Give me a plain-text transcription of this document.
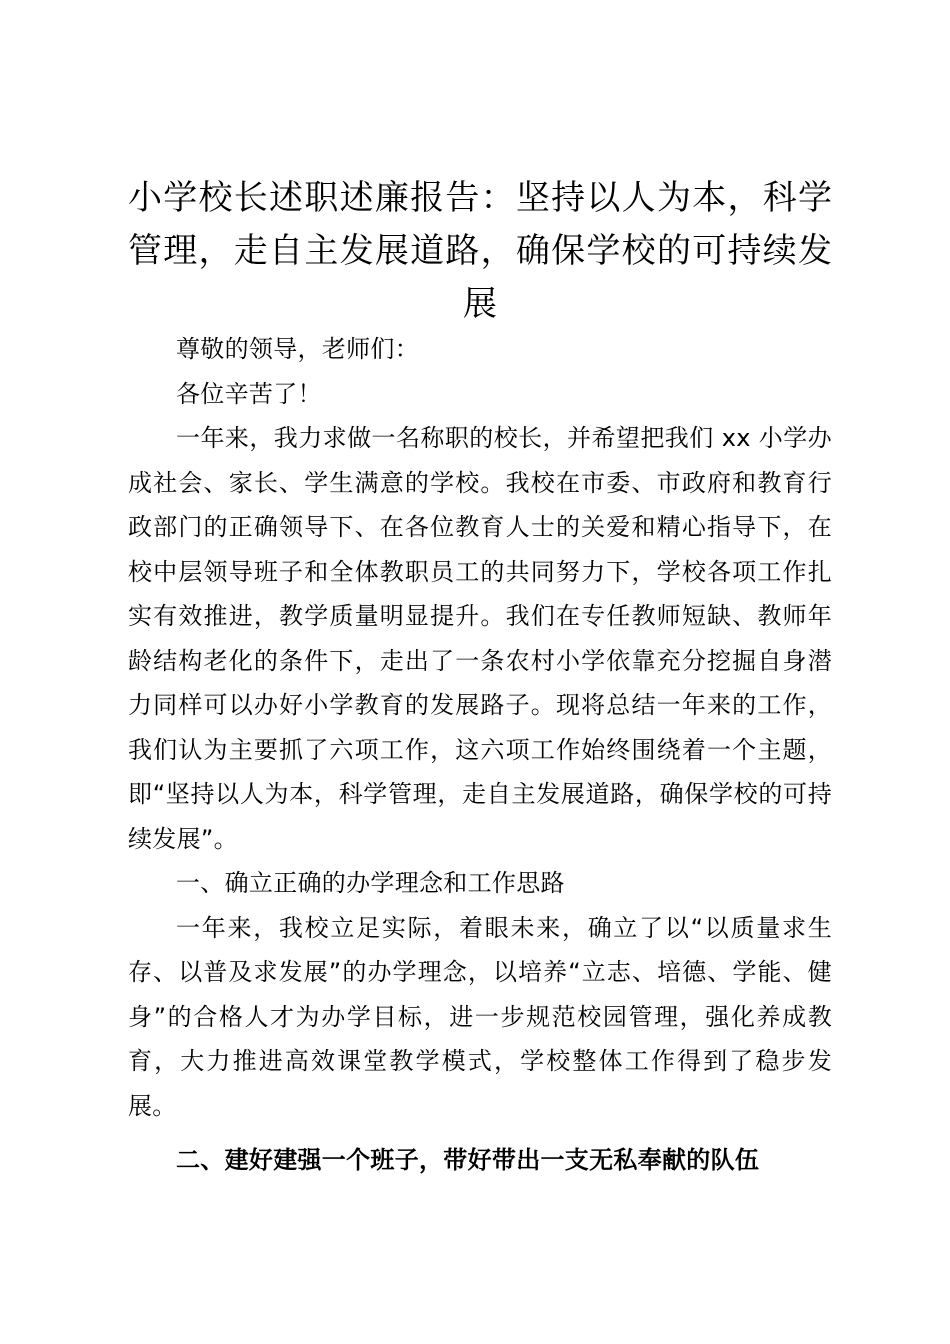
小学校长述职述廉报告：坚持以人为本，科学管理，走自主发展道路，确保学校的可持续发展

尊敬的领导，老师们：

各位辛苦了！

一年来，我力求做一名称职的校长，并希望把我们 xx 小学办成社会、家长、学生满意的学校。我校在市委、市政府和教育行政部门的正确领导下、在各位教育人士的关爱和精心指导下，在校中层领导班子和全体教职员工的共同努力下，学校各项工作扎实有效推进，教学质量明显提升。我们在专任教师短缺、教师年龄结构老化的条件下，走出了一条农村小学依靠充分挖掘自身潜力同样可以办好小学教育的发展路子。现将总结一年来的工作，我们认为主要抓了六项工作，这六项工作始终围绕着一个主题，即“坚持以人为本，科学管理，走自主发展道路，确保学校的可持续发展”。

一、确立正确的办学理念和工作思路

一年来，我校立足实际，着眼未来，确立了以“以质量求生存、以普及求发展”的办学理念，以培养“立志、培德、学能、健身”的合格人才为办学目标，进一步规范校园管理，强化养成教育，大力推进高效课堂教学模式，学校整体工作得到了稳步发展。

二、建好建强一个班子，带好带出一支无私奉献的队伍
